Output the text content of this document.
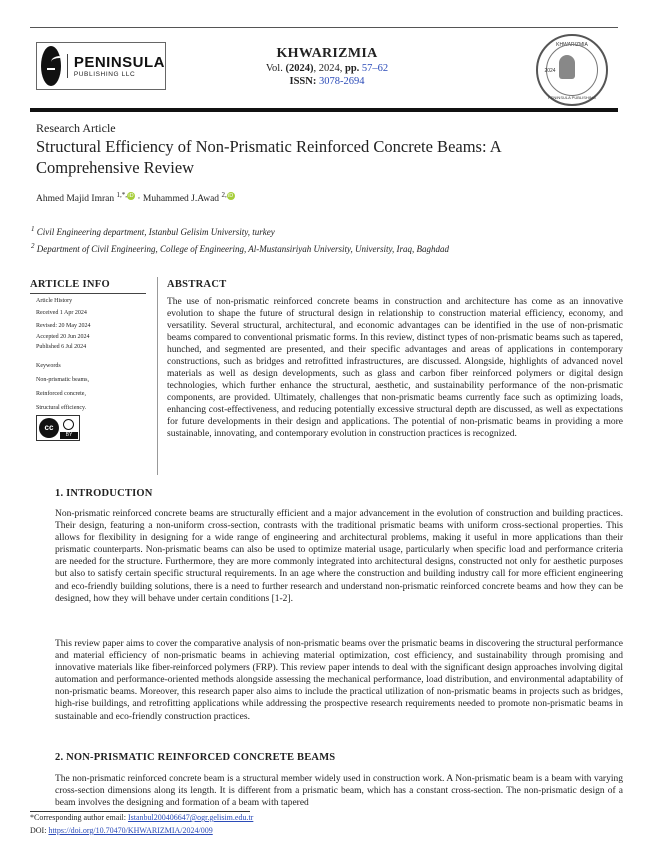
PENINSULA
PUBLISHING LLC
KHWARIZMIA
Vol. (2024), 2024, pp. 57–62
ISSN: 3078-2694
KHWARIZMIA
2024
PENINSULA PUBLISHING
Research Article
Structural Efficiency of Non-Prismatic Reinforced Concrete Beams: A Comprehensive Review
Ahmed Majid Imran $^{1,*,}$iD · Muhammed J.Awad $^{2,}$iD
$^1$ Civil Engineering department, Istanbul Gelisim University, turkey
$^2$ Department of Civil Engineering, College of Engineering, Al-Mustansiriyah University, University, Iraq, Baghdad
ARTICLE INFO
Article History
Received 1 Apr 2024
Revised: 20 May 2024
Accepted 20 Jun 2024
Published 6 Jul 2024
Keywords
Non-prismatic beams,
Reinforced concrete,
Structural efficiency.
cc
BY
ABSTRACT
The use of non-prismatic reinforced concrete beams in construction and architecture has come as an innovative evolution to shape the future of structural design in relationship to construction material efficiency, economy, and versatility. Several structural, architectural, and economic advantages can be identified in the use of non-prismatic beams compared to conventional prismatic forms. In this review, distinct types of non-prismatic beams such as tapered, hunched, and segmented are presented, and their specific advantages and areas of applications in contemporary constructions, such as bridges and retrofitted infrastructures, are discussed. Alongside, highlights of advanced novel materials as well as design developments, such as glass and carbon fiber reinforced polymers or digital design technologies, which further enhance the structural, aesthetic, and sustainability performance of the non-prismatic components, are provided. Ultimately, challenges that non-prismatic beams currently face such as optimizing loads, enhancing cost-effectiveness, and reducing potentially excessive structural depth are discussed, as well as expectations for future developments in their design and applications. The potential of non-prismatic beams in providing a more sustainable, innovating, and contemporary evolution in construction practices is recognized.
1. INTRODUCTION
Non-prismatic reinforced concrete beams are structurally efficient and a major advancement in the evolution of construction and building practices. Their design, featuring a non-uniform cross-section, contrasts with the traditional prismatic beams with uniform cross-sectional properties. This allows for flexibility in designing for a wide range of engineering and architectural problems, making it useful in more applications than their prismatic counterparts. Non-prismatic beams can also be used to optimize material usage, particularly when specific load and performance criteria are needed for the structure. Furthermore, they are more commonly integrated into architectural designs, constructed not only for aesthetic purposes but also to satisfy certain specific structural requirements. In an age where the construction and building industry call for more efficient engineering and eco-friendly building solutions, there is a need to further research and understand non-prismatic reinforced concrete beams and how they can be designed, how they will behave under certain conditions [1-2].
This review paper aims to cover the comparative analysis of non-prismatic beams over the prismatic beams in discovering the structural performance and material efficiency of non-prismatic beams in achieving material optimization, cost efficiency, and sustainability through promising and innovative materials like fiber-reinforced polymers (FRP). This review paper intends to deal with the significant design approaches involving digital automation and performance-oriented methods alongside assessing the mechanical performance, load distribution, and environmental adaptability of non-prismatic beams. Moreover, this research paper also aims to include the practical utilization of non-prismatic beams in projects such as bridges, high-rise buildings, and retrofitting applications while addressing the prospective research requirements needed to promote non-prismatic beams in sustainable and eco-friendly construction practices.
2. NON-PRISMATIC REINFORCED CONCRETE BEAMS
The non-prismatic reinforced concrete beam is a structural member widely used in construction work. A Non-prismatic beam is a beam with varying cross-section dimensions along its length. It is different from a prismatic beam, which has a constant cross-section. The non-prismatic design of a beam involves the designing and formation of a beam with tapered
*Corresponding author email: Istanbul200406647@ogr.gelisim.edu.tr
DOI: https://doi.org/10.70470/KHWARIZMIA/2024/009
